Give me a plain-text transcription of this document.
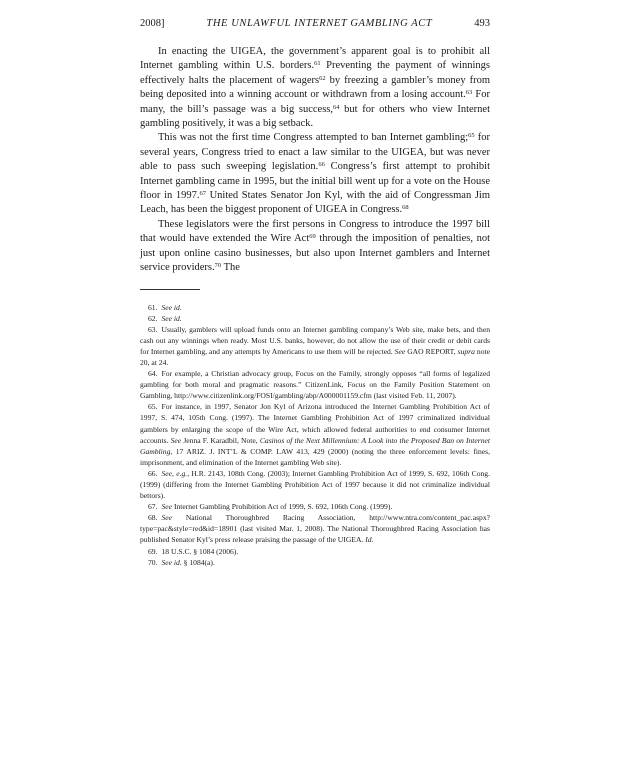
2008]	THE UNLAWFUL INTERNET GAMBLING ACT	493

In enacting the UIGEA, the government’s apparent goal is to prohibit all Internet gambling within U.S. borders.$^{61}$ Preventing the payment of winnings effectively halts the placement of wagers$^{62}$ by freezing a gambler’s money from being deposited into a winning account or withdrawn from a losing account.$^{63}$ For many, the bill’s passage was a big success,$^{64}$ but for others who view Internet gambling positively, it was a big setback.

This was not the first time Congress attempted to ban Internet gambling;$^{65}$ for several years, Congress tried to enact a law similar to the UIGEA, but was never able to pass such sweeping legislation.$^{66}$ Congress’s first attempt to prohibit Internet gambling came in 1995, but the initial bill went up for a vote on the House floor in 1997.67 United States Senator Jon Kyl, with the aid of Congressman Jim Leach, has been the biggest proponent of UIGEA in Congress.$^{68}$

These legislators were the first persons in Congress to introduce the 1997 bill that would have extended the Wire Act$^{69}$ through the imposition of penalties, not just upon online casino businesses, but also upon Internet gamblers and Internet service providers.$^{70}$ The

61. See id.

62. See id.

63. Usually, gamblers will upload funds onto an Internet gambling company’s Web site, make bets, and then cash out any winnings when ready. Most U.S. banks, however, do not allow the use of their credit or debit cards for Internet gambling, and any attempts by Americans to use them will be rejected. See GAO REPORT, supra note 20, at 24.

64. For example, a Christian advocacy group, Focus on the Family, strongly opposes “all forms of legalized gambling for both moral and pragmatic reasons.” CitizenLink, Focus on the Family Position Statement on Gambling, http://www.citizenlink.org/FOSI/gambling/abp/A000001159.cfm (last visited Feb. 11, 2007).

65. For instance, in 1997, Senator Jon Kyl of Arizona introduced the Internet Gambling Prohibition Act of 1997, S. 474, 105th Cong. (1997). The Internet Gambling Prohibition Act of 1997 criminalized individual gamblers by enlarging the scope of the Wire Act, which allowed federal authorities to end consumer Internet accounts. See Jenna F. Karadbil, Note, Casinos of the Next Millennium: A Look into the Proposed Ban on Internet Gambling, 17 ARIZ. J. INT’L & COMP. LAW 413, 429 (2000) (noting the three enforcement levels: fines, imprisonment, and elimination of the Internet gambling Web site).

66. See, e.g., H.R. 2143, 108th Cong. (2003); Internet Gambling Prohibition Act of 1999, S. 692, 106th Cong. (1999) (differing from the Internet Gambling Prohibition Act of 1997 because it did not criminalize individual bettors).

67. See Internet Gambling Prohibition Act of 1999, S. 692, 106th Cong. (1999).

68. See National Thoroughbred Racing Association, http://www.ntra.com/content_pac.aspx?type=pac&style=red&id=18901 (last visited Mar. 1, 2008). The National Thoroughbred Racing Association has published Senator Kyl’s press release praising the passage of the UIGEA. Id.

69. 18 U.S.C. § 1084 (2006).

70. See id. § 1084(a).
